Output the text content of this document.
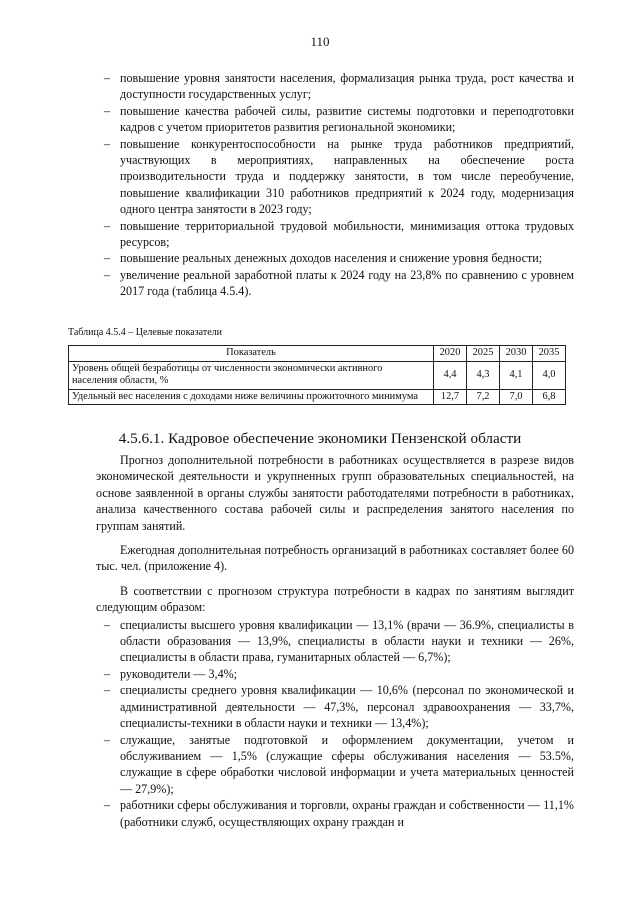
110
– повышение уровня занятости населения, формализация рынка труда, рост качества и доступности государственных услуг;
– повышение качества рабочей силы, развитие системы подготовки и переподготовки кадров с учетом приоритетов развития региональной экономики;
– повышение конкурентоспособности на рынке труда работников предприятий, участвующих в мероприятиях, направленных на обеспечение роста производительности труда и поддержку занятости, в том числе переобучение, повышение квалификации 310 работников предприятий к 2024 году, модернизация одного центра занятости в 2023 году;
– повышение территориальной трудовой мобильности, минимизация оттока трудовых ресурсов;
– повышение реальных денежных доходов населения и снижение уровня бедности;
– увеличение реальной заработной платы к 2024 году на 23,8% по сравнению с уровнем 2017 года (таблица 4.5.4).
Таблица 4.5.4 – Целевые показатели
Показатель	2020	2025	2030	2035
Уровень общей безработицы от численности экономически активного населения области, %	4,4	4,3	4,1	4,0
Удельный вес населения с доходами ниже величины прожиточного минимума	12,7	7,2	7,0	6,8
4.5.6.1. Кадровое обеспечение экономики Пензенской области

Прогноз дополнительной потребности в работниках осуществляется в разрезе видов экономической деятельности и укрупненных групп образовательных специальностей, на основе заявленной в органы службы занятости работодателями потребности в работниках, анализа качественного состава рабочей силы и распределения занятого населения по группам занятий.

Ежегодная дополнительная потребность организаций в работниках составляет более 60 тыс. чел. (приложение 4).

В соответствии с прогнозом структура потребности в кадрах по занятиям выглядит следующим образом:

– специалисты высшего уровня квалификации — 13,1% (врачи — 36.9%, специалисты в области образования — 13,9%, специалисты в области науки и техники — 26%, специалисты в области права, гуманитарных областей — 6,7%);
– руководители — 3,4%;
– специалисты среднего уровня квалификации — 10,6% (персонал по экономической и административной деятельности — 47,3%, персонал здравоохранения — 33,7%, специалисты-техники в области науки и техники — 13,4%);
– служащие, занятые подготовкой и оформлением документации, учетом и обслуживанием — 1,5% (служащие сферы обслуживания населения — 53.5%, служащие в сфере обработки числовой информации и учета материальных ценностей — 27,9%);
– работники сферы обслуживания и торговли, охраны граждан и собственности — 11,1% (работники служб, осуществляющих охрану граждан и
